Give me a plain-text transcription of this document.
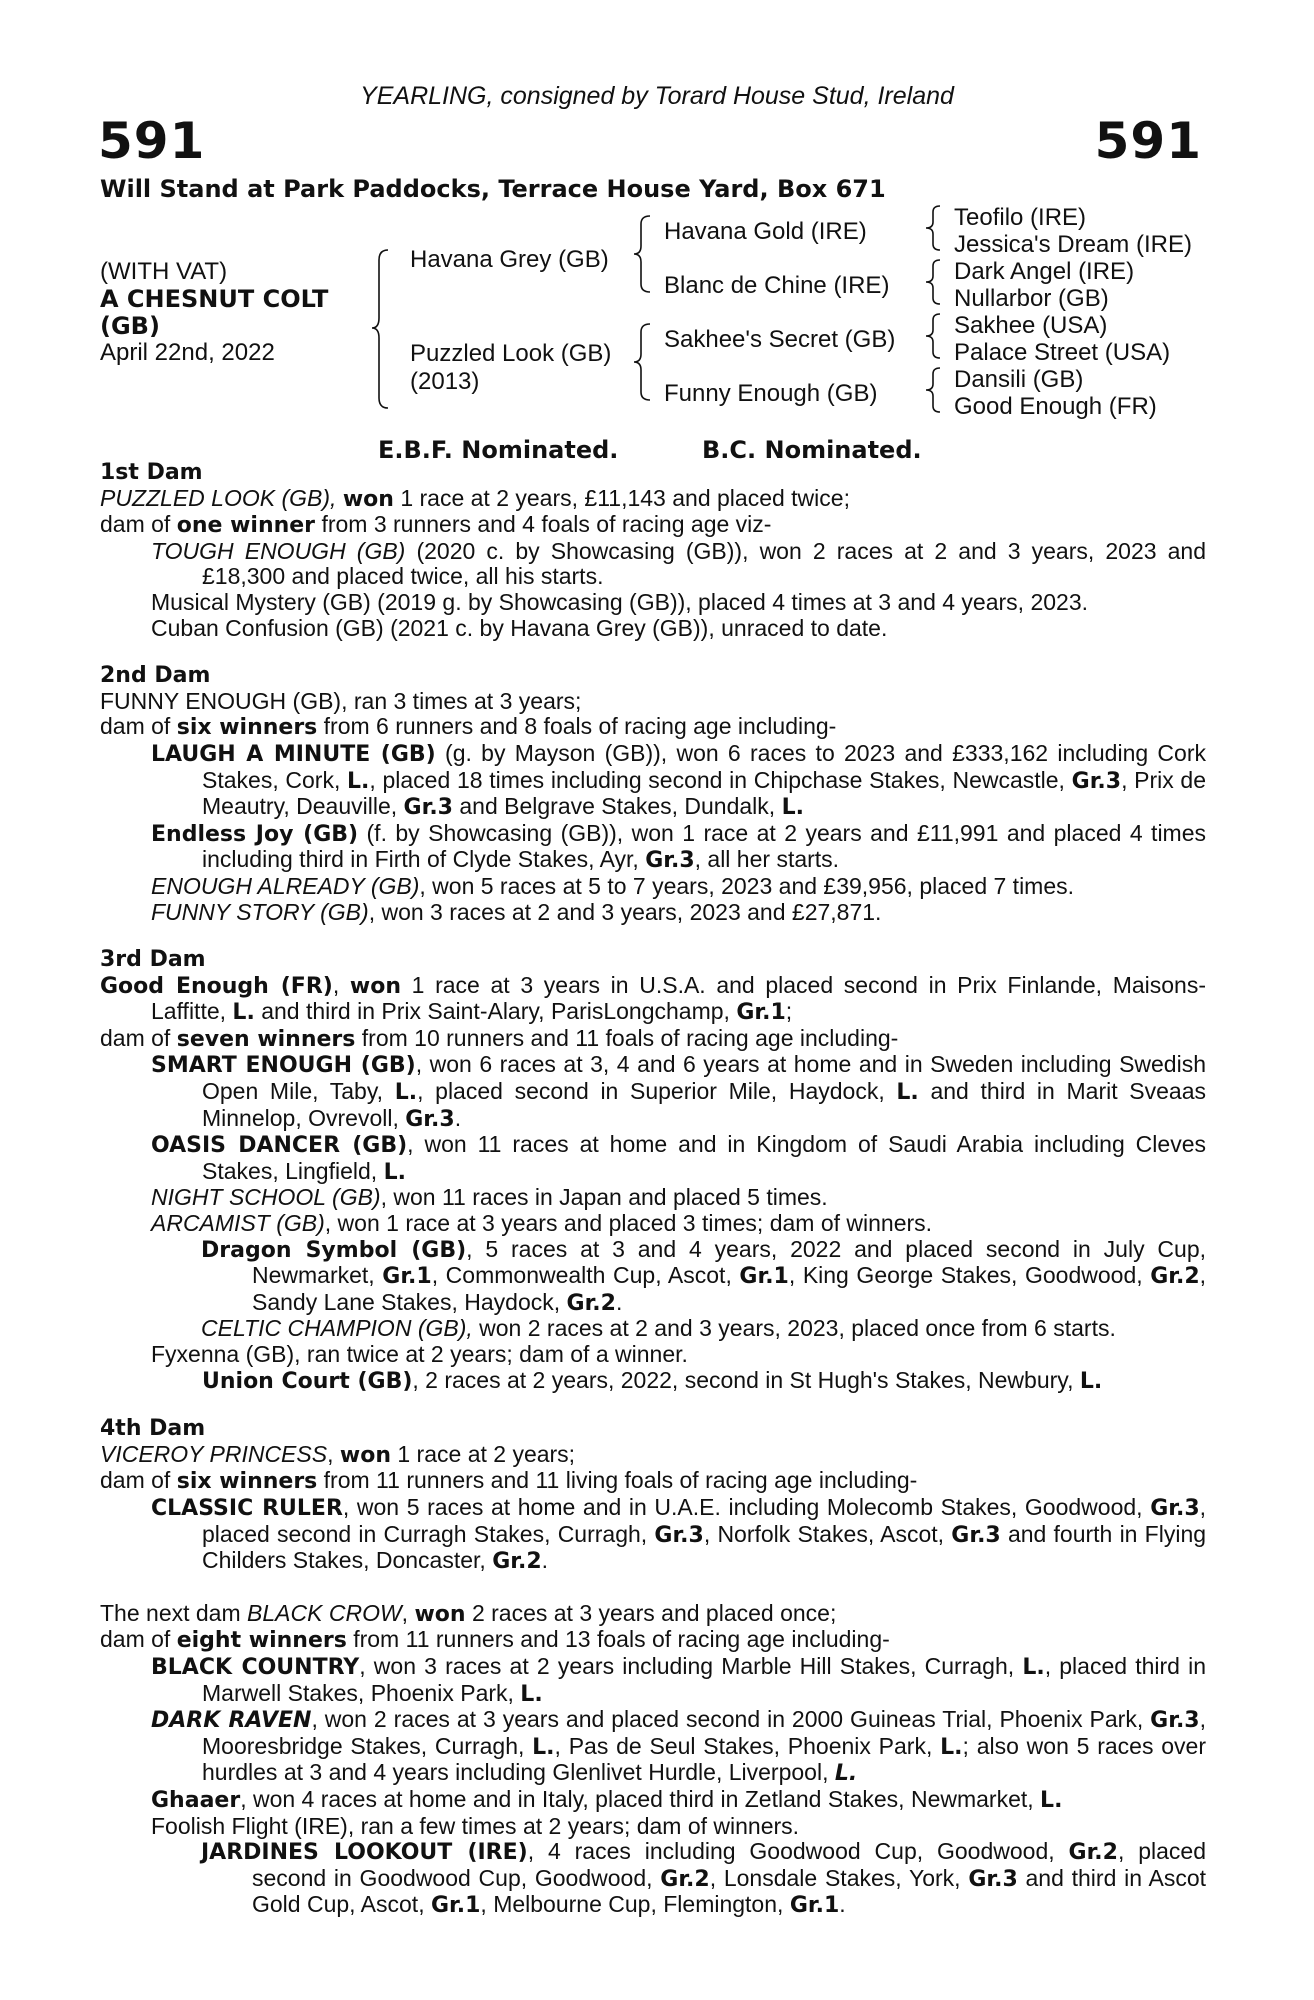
YEARLING, consigned by Torard House Stud, Ireland
591	591
Will Stand at Park Paddocks, Terrace House Yard, Box 671
(WITH VAT)
A CHESNUT COLT
(GB)
April 22nd, 2022
Havana Grey (GB)
Puzzled Look (GB)
(2013)
Havana Gold (IRE)
Blanc de Chine (IRE)
Sakhee's Secret (GB)
Funny Enough (GB)
Teofilo (IRE)
Jessica's Dream (IRE)
Dark Angel (IRE)
Nullarbor (GB)
Sakhee (USA)
Palace Street (USA)
Dansili (GB)
Good Enough (FR)
E.B.F. Nominated.	B.C. Nominated.

1st Dam

PUZZLED LOOK (GB), won 1 race at 2 years, £11,143 and placed twice;

dam of one winner from 3 runners and 4 foals of racing age viz-

TOUGH ENOUGH (GB) (2020 c. by Showcasing (GB)), won 2 races at 2 and 3 years, 2023 and £18,300 and placed twice, all his starts.

Musical Mystery (GB) (2019 g. by Showcasing (GB)), placed 4 times at 3 and 4 years, 2023.

Cuban Confusion (GB) (2021 c. by Havana Grey (GB)), unraced to date.

2nd Dam

FUNNY ENOUGH (GB), ran 3 times at 3 years;

dam of six winners from 6 runners and 8 foals of racing age including-

LAUGH A MINUTE (GB) (g. by Mayson (GB)), won 6 races to 2023 and £333,162 including Cork Stakes, Cork, L., placed 18 times including second in Chipchase Stakes, Newcastle, Gr.3, Prix de Meautry, Deauville, Gr.3 and Belgrave Stakes, Dundalk, L.

Endless Joy (GB) (f. by Showcasing (GB)), won 1 race at 2 years and £11,991 and placed 4 times including third in Firth of Clyde Stakes, Ayr, Gr.3, all her starts.

ENOUGH ALREADY (GB), won 5 races at 5 to 7 years, 2023 and £39,956, placed 7 times.

FUNNY STORY (GB), won 3 races at 2 and 3 years, 2023 and £27,871.

3rd Dam

Good Enough (FR), won 1 race at 3 years in U.S.A. and placed second in Prix Finlande, Maisons-Laffitte, L. and third in Prix Saint-Alary, ParisLongchamp, Gr.1;

dam of seven winners from 10 runners and 11 foals of racing age including-

SMART ENOUGH (GB), won 6 races at 3, 4 and 6 years at home and in Sweden including Swedish Open Mile, Taby, L., placed second in Superior Mile, Haydock, L. and third in Marit Sveaas Minnelop, Ovrevoll, Gr.3.

OASIS DANCER (GB), won 11 races at home and in Kingdom of Saudi Arabia including Cleves Stakes, Lingfield, L.

NIGHT SCHOOL (GB), won 11 races in Japan and placed 5 times.

ARCAMIST (GB), won 1 race at 3 years and placed 3 times; dam of winners.

Dragon Symbol (GB), 5 races at 3 and 4 years, 2022 and placed second in July Cup, Newmarket, Gr.1, Commonwealth Cup, Ascot, Gr.1, King George Stakes, Goodwood, Gr.2, Sandy Lane Stakes, Haydock, Gr.2.

CELTIC CHAMPION (GB), won 2 races at 2 and 3 years, 2023, placed once from 6 starts.

Fyxenna (GB), ran twice at 2 years; dam of a winner.

Union Court (GB), 2 races at 2 years, 2022, second in St Hugh's Stakes, Newbury, L.

4th Dam

VICEROY PRINCESS, won 1 race at 2 years;

dam of six winners from 11 runners and 11 living foals of racing age including-

CLASSIC RULER, won 5 races at home and in U.A.E. including Molecomb Stakes, Goodwood, Gr.3, placed second in Curragh Stakes, Curragh, Gr.3, Norfolk Stakes, Ascot, Gr.3 and fourth in Flying Childers Stakes, Doncaster, Gr.2.

The next dam BLACK CROW, won 2 races at 3 years and placed once;

dam of eight winners from 11 runners and 13 foals of racing age including-

BLACK COUNTRY, won 3 races at 2 years including Marble Hill Stakes, Curragh, L., placed third in Marwell Stakes, Phoenix Park, L.

DARK RAVEN, won 2 races at 3 years and placed second in 2000 Guineas Trial, Phoenix Park, Gr.3, Mooresbridge Stakes, Curragh, L., Pas de Seul Stakes, Phoenix Park, L.; also won 5 races over hurdles at 3 and 4 years including Glenlivet Hurdle, Liverpool, L.

Ghaaer, won 4 races at home and in Italy, placed third in Zetland Stakes, Newmarket, L.

Foolish Flight (IRE), ran a few times at 2 years; dam of winners.

JARDINES LOOKOUT (IRE), 4 races including Goodwood Cup, Goodwood, Gr.2, placed second in Goodwood Cup, Goodwood, Gr.2, Lonsdale Stakes, York, Gr.3 and third in Ascot Gold Cup, Ascot, Gr.1, Melbourne Cup, Flemington, Gr.1.
